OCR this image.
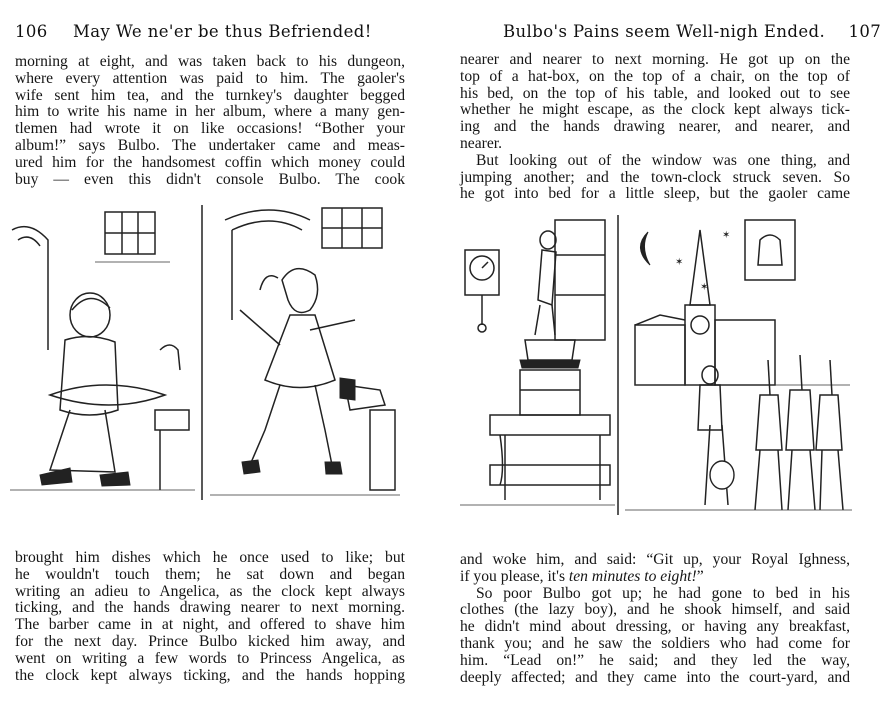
106 May We ne'er be thus Befriended!
morning at eight, and was taken back to his dungeon,
where every attention was paid to him. The gaoler's
wife sent him tea, and the turnkey's daughter begged
him to write his name in her album, where a many gen-
tlemen had wrote it on like occasions! “Bother your
album!” says Bulbo. The undertaker came and meas-
ured him for the handsomest coffin which money could
buy — even this didn't console Bulbo. The cook
brought him dishes which he once used to like; but
he wouldn't touch them; he sat down and began
writing an adieu to Angelica, as the clock kept always
ticking, and the hands drawing nearer to next morning.
The barber came in at night, and offered to shave him
for the next day. Prince Bulbo kicked him away, and
went on writing a few words to Princess Angelica, as
the clock kept always ticking, and the hands hopping
Bulbo's Pains seem Well-nigh Ended. 107
nearer and nearer to next morning. He got up on the
top of a hat-box, on the top of a chair, on the top of
his bed, on the top of his table, and looked out to see
whether he might escape, as the clock kept always tick-
ing and the hands drawing nearer, and nearer, and
nearer.
But looking out of the window was one thing, and
jumping another; and the town-clock struck seven. So
he got into bed for a little sleep, but the gaoler came
✶
✶
✶
and woke him, and said: “Git up, your Royal Ighness,
if you please, it's ten minutes to eight!”
So poor Bulbo got up; he had gone to bed in his
clothes (the lazy boy), and he shook himself, and said
he didn't mind about dressing, or having any breakfast,
thank you; and he saw the soldiers who had come for
him. “Lead on!” he said; and they led the way,
deeply affected; and they came into the court-yard, and
